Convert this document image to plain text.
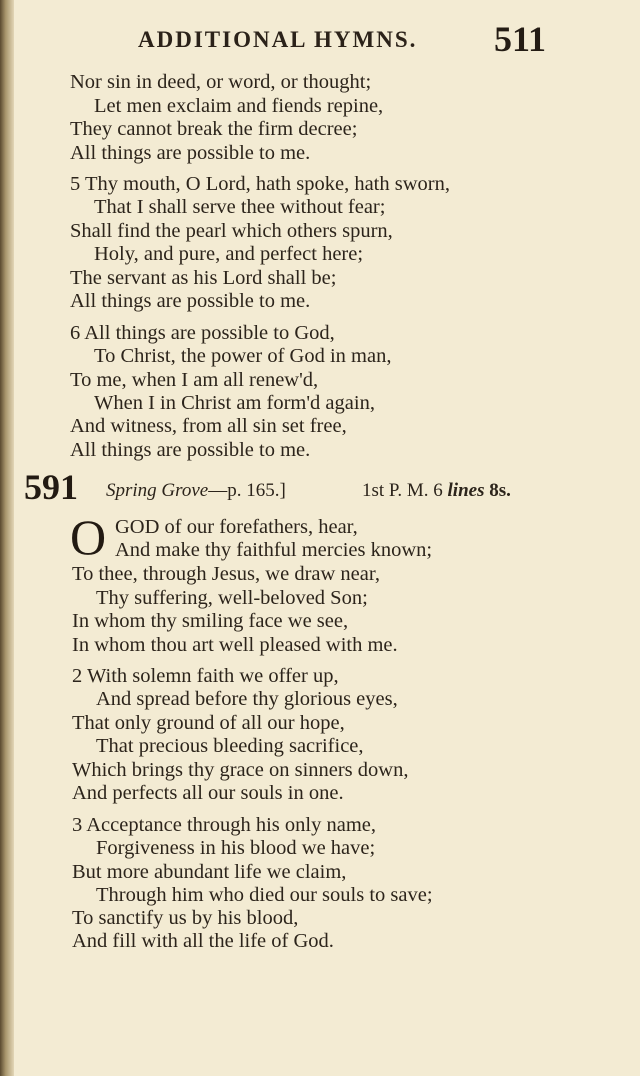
ADDITIONAL HYMNS. 511
Nor sin in deed, or word, or thought;
Let men exclaim and fiends repine,
They cannot break the firm decree;
All things are possible to me.
5 Thy mouth, O Lord, hath spoke, hath sworn,
That I shall serve thee without fear;
Shall find the pearl which others spurn,
Holy, and pure, and perfect here;
The servant as his Lord shall be;
All things are possible to me.
6 All things are possible to God,
To Christ, the power of God in man,
To me, when I am all renew'd,
When I in Christ am form'd again,
And witness, from all sin set free,
All things are possible to me.
591 Spring Grove—p. 165.]	1st P. M. 6 lines 8s.
O GOD of our forefathers, hear,
And make thy faithful mercies known;
To thee, through Jesus, we draw near,
Thy suffering, well-beloved Son;
In whom thy smiling face we see,
In whom thou art well pleased with me.
2 With solemn faith we offer up,
And spread before thy glorious eyes,
That only ground of all our hope,
That precious bleeding sacrifice,
Which brings thy grace on sinners down,
And perfects all our souls in one.
3 Acceptance through his only name,
Forgiveness in his blood we have;
But more abundant life we claim,
Through him who died our souls to save;
To sanctify us by his blood,
And fill with all the life of God.
